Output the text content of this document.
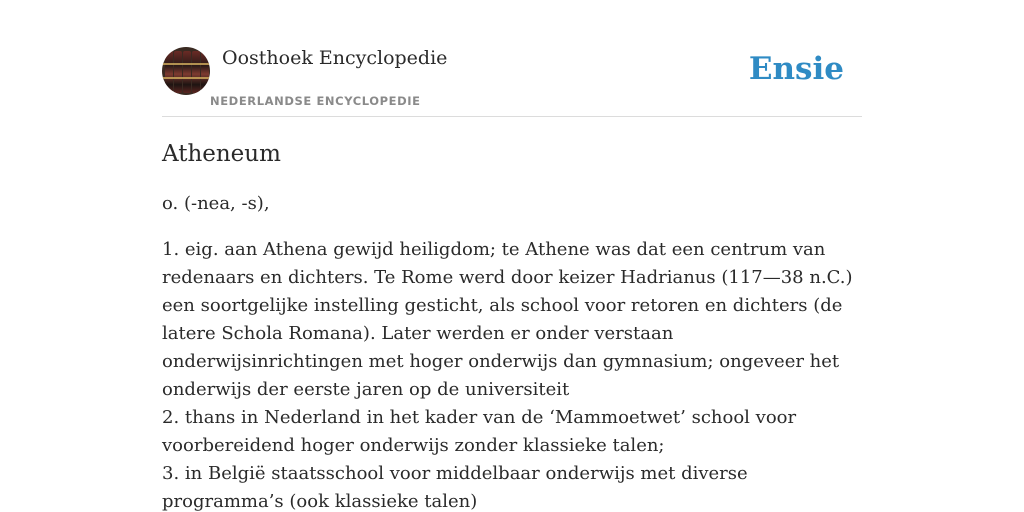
Oosthoek Encyclopedie
NEDERLANDSE ENCYCLOPEDIE
Ensie
Atheneum

o. (-nea, -s),

1. eig. aan Athena gewijd heiligdom; te Athene was dat een centrum van redenaars en dichters. Te Rome werd door keizer Hadrianus (117—38 n.C.) een soortgelijke instelling gesticht, als school voor retoren en dichters (de latere Schola Romana). Later werden er onder verstaan onderwijsinrichtingen met hoger onderwijs dan gymnasium; ongeveer het onderwijs der eerste jaren op de universiteit
2. thans in Nederland in het kader van de ‘Mammoetwet’ school voor voorbereidend hoger onderwijs zonder klassieke talen;
3. in België staatsschool voor middelbaar onderwijs met diverse programma’s (ook klassieke talen)
